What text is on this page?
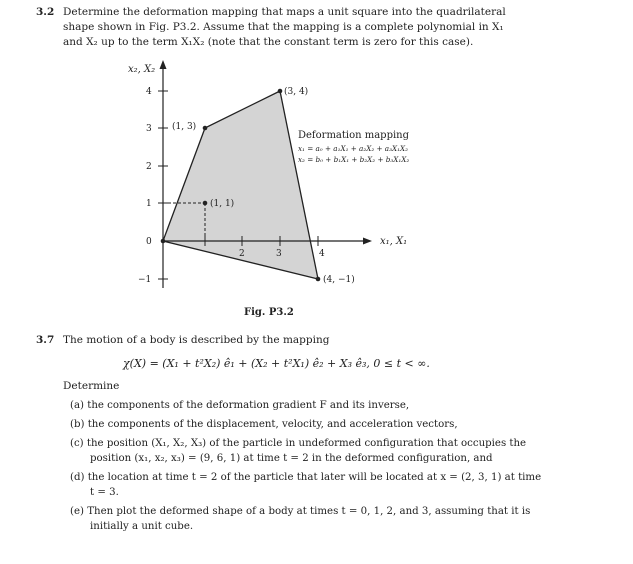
3.2 Determine the deformation mapping that maps a unit square into the quadrilateral
shape shown in Fig. P3.2. Assume that the mapping is a complete polynomial in X₁
and X₂ up to the term X₁X₂ (note that the constant term is zero for this case).
x₂, X₂
x₁, X₁
4
3
2
1
0
−1
2	3	4
(1, 3)
(3, 4)
(1, 1)
(4, −1)
Deformation mapping
x₁ = a₀ + a₁X₁ + a₂X₂ + a₃X₁X₂
x₂ = b₀ + b₁X₁ + b₂X₂ + b₃X₁X₂
Fig. P3.2
3.7 The motion of a body is described by the mapping
χ(X) = (X₁ + t²X₂) ê₁ + (X₂ + t²X₁) ê₂ + X₃ ê₃, 0 ≤ t < ∞.
Determine
(a) the components of the deformation gradient F and its inverse,
(b) the components of the displacement, velocity, and acceleration vectors,
(c) the position (X₁, X₂, X₃) of the particle in undeformed configuration that occupies the
position (x₁, x₂, x₃) = (9, 6, 1) at time t = 2 in the deformed configuration, and
(d) the location at time t = 2 of the particle that later will be located at x = (2, 3, 1) at time
t = 3.
(e) Then plot the deformed shape of a body at times t = 0, 1, 2, and 3, assuming that it is
initially a unit cube.
